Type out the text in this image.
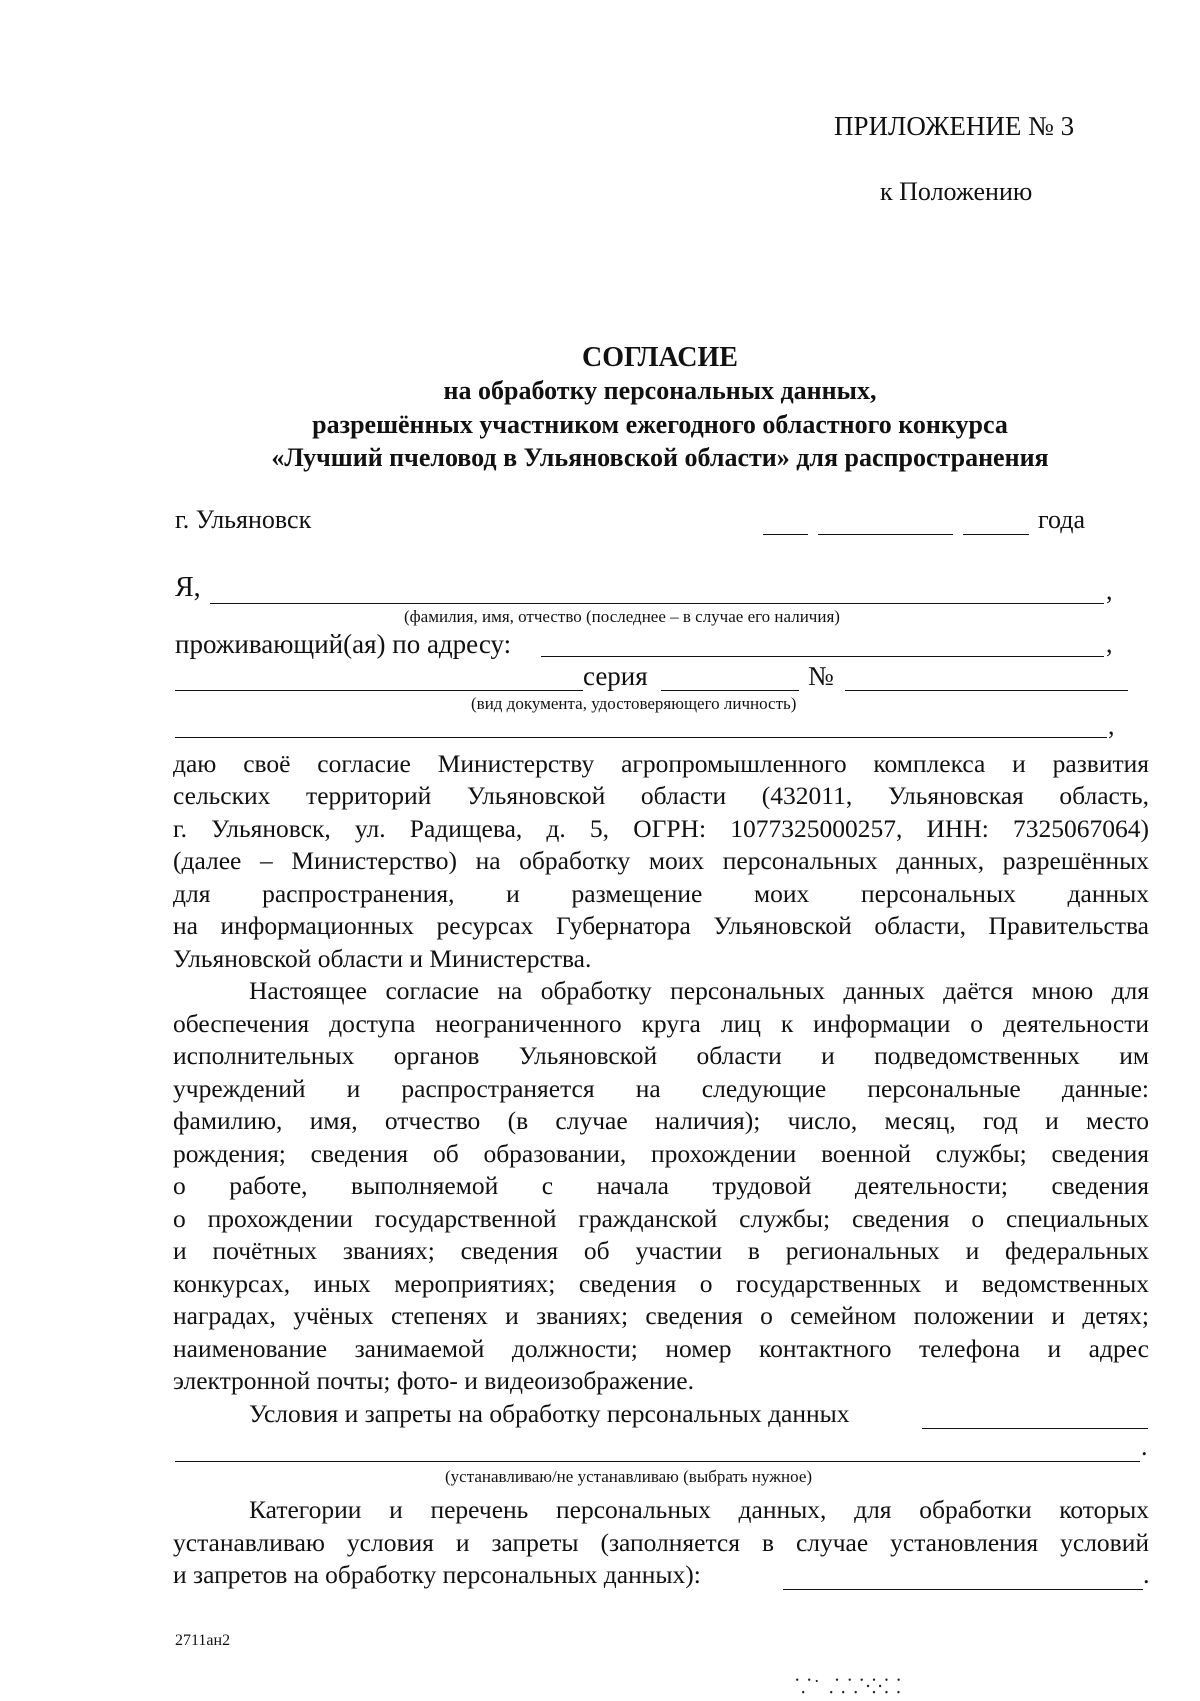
ПРИЛОЖЕНИЕ № 3
к Положению
СОГЛАСИЕ
на обработку персональных данных,
разрешённых участником ежегодного областного конкурса
«Лучший пчеловод в Ульяновской области» для распространения
г. Ульяновск	года
Я,	,
(фамилия, имя, отчество (последнее – в случае его наличия)
проживающий(ая) по адресу:	,
серия	№
(вид документа, удостоверяющего личность)
,
даю своё согласие Министерству агропромышленного комплекса и развития
сельских территорий Ульяновской области (432011, Ульяновская область,
г. Ульяновск, ул. Радищева, д. 5, ОГРН: 1077325000257, ИНН: 7325067064)
(далее – Министерство) на обработку моих персональных данных, разрешённых
для распространения, и размещение моих персональных данных
на информационных ресурсах Губернатора Ульяновской области, Правительства
Ульяновской области и Министерства.
Настоящее согласие на обработку персональных данных даётся мною для
обеспечения доступа неограниченного круга лиц к информации о деятельности
исполнительных органов Ульяновской области и подведомственных им
учреждений и распространяется на следующие персональные данные:
фамилию, имя, отчество (в случае наличия); число, месяц, год и место
рождения; сведения об образовании, прохождении военной службы; сведения
о работе, выполняемой с начала трудовой деятельности; сведения
о прохождении государственной гражданской службы; сведения о специальных
и почётных званиях; сведения об участии в региональных и федеральных
конкурсах, иных мероприятиях; сведения о государственных и ведомственных
наградах, учёных степенях и званиях; сведения о семейном положении и детях;
наименование занимаемой должности; номер контактного телефона и адрес
электронной почты; фото- и видеоизображение.
Условия и запреты на обработку персональных данных
.
(устанавливаю/не устанавливаю (выбрать нужное)
Категории и перечень персональных данных, для обработки которых
устанавливаю условия и запреты (заполняется в случае установления условий
и запретов на обработку персональных данных):	.
2711ан2
⸪˙ ⸫⸪⁘⸬
